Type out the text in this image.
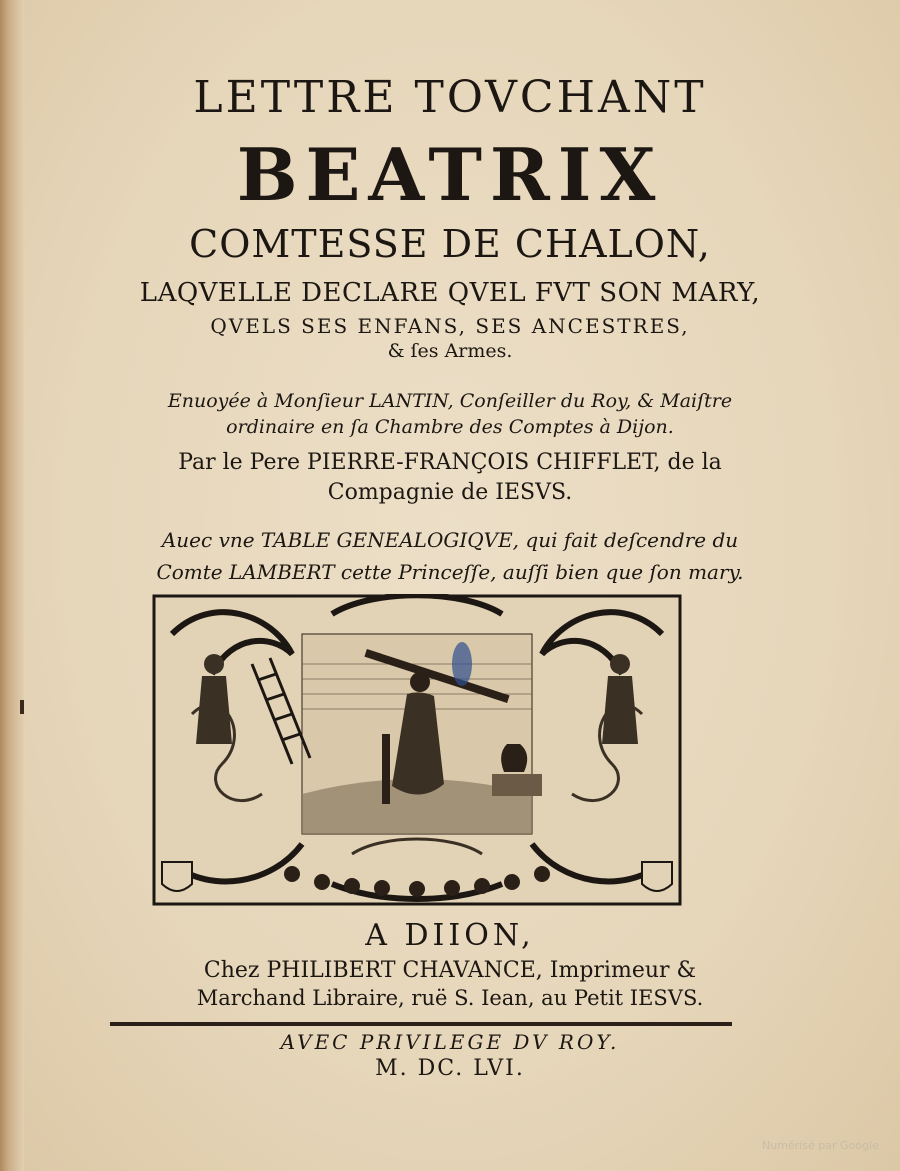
LETTRE TOVCHANT
BEATRIX
COMTESSE DE CHALON,
LAQVELLE DECLARE QVEL FVT SON MARY,
QVELS SES ENFANS, SES ANCESTRES,
& ſes Armes.
Enuoyée à Monſieur LANTIN, Conſeiller du Roy, & Maiſtre
ordinaire en ſa Chambre des Comptes à Dijon.
Par le Pere PIERRE-FRANÇOIS CHIFFLET, de la
Compagnie de IESVS.
Auec vne TABLE GENEALOGIQVE, qui fait deſcendre du
Comte LAMBERT cette Princeſſe, auſſi bien que ſon mary.
A DIION,
Chez PHILIBERT CHAVANCE, Imprimeur &
Marchand Libraire, ruë S. Iean, au Petit IESVS.
AVEC PRIVILEGE DV ROY.
M. DC. LVI.
Numérisé par Google
